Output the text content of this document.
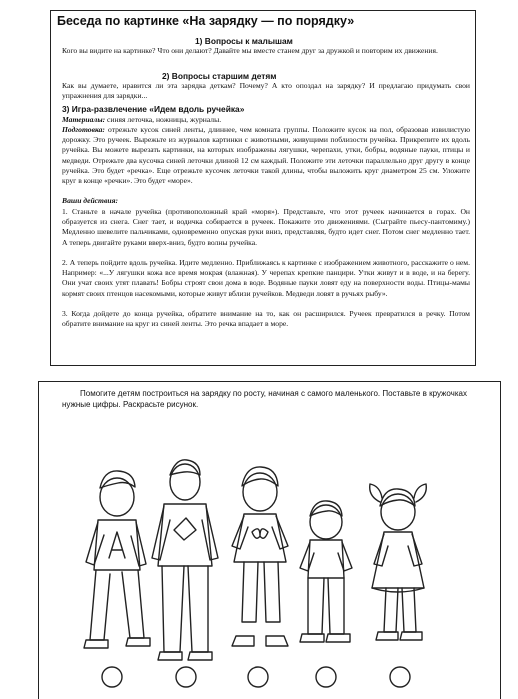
Беседа по картинке «На зарядку — по порядку»
1) Вопросы к малышам
Кого вы видите на картинке? Что они делают? Давайте мы вместе станем друг за дружкой и повторим их движения.
2) Вопросы старшим детям
Как вы думаете, нравится ли эта зарядка деткам? Почему? А кто опоздал на зарядку? И предлагаю придумать свои упражнения для зарядки...
3) Игра-развлечение «Идем вдоль ручейка»
Материалы: синяя леточка, ножницы, журналы.
Подготовка: отрежьте кусок синей ленты, длиннее, чем комната группы. Положите кусок на пол, образовав извилистую дорожку. Это ручеек. Вырежьте из журналов картинки с животными, живущими поблизости ручейка. Прикрепите их вдоль ручейка. Вы можете вырезать картинки, на которых изображены лягушки, черепахи, утки, бобры, водяные пауки, птицы и медведи. Отрежьте два кусочка синей леточки длиной 12 см каждый. Положите эти леточки параллельно друг другу в конце ручейка. Это будет «речка». Еще отрежьте кусочек леточки такой длины, чтобы выложить круг диаметром 25 см. Уложите круг в конце «речки». Это будет «море».
Ваши действия:
1. Станьте в начале ручейка (противоположный край «моря»). Представьте, что этот ручеек начинается в горах. Он образуется из снега. Снег тает, и водичка собирается в ручеек. Покажите это движениями. (Сыграйте пьесу-пантомиму.) Медленно шевелите пальчиками, одновременно опуская руки вниз, представляя, будто идет снег. Потом снег медленно тает. А теперь двигайте руками вверх-вниз, будто волны ручейка.
2. А теперь пойдите вдоль ручейка. Идите медленно. Приближаясь к картинке с изображением животного, расскажите о нем. Например: «...У лягушки кожа все время мокрая (влажная). У черепах крепкие панцири. Утки живут и в воде, и на берегу. Они учат своих утят плавать! Бобры строят свои дома в воде. Водяные пауки ловят еду на поверхности воды. Птицы-мамы кормят своих птенцов насекомыми, которые живут вблизи ручейков. Медведи ловят в ручьях рыбу».
3. Когда дойдете до конца ручейка, обратите внимание на то, как он расширился. Ручеек превратился в речку. Потом обратите внимание на круг из синей ленты. Это речка впадает в море.
Помогите детям построиться на зарядку по росту, начиная с самого маленького. Поставьте в кружочках нужные цифры. Раскрасьте рисунок.
